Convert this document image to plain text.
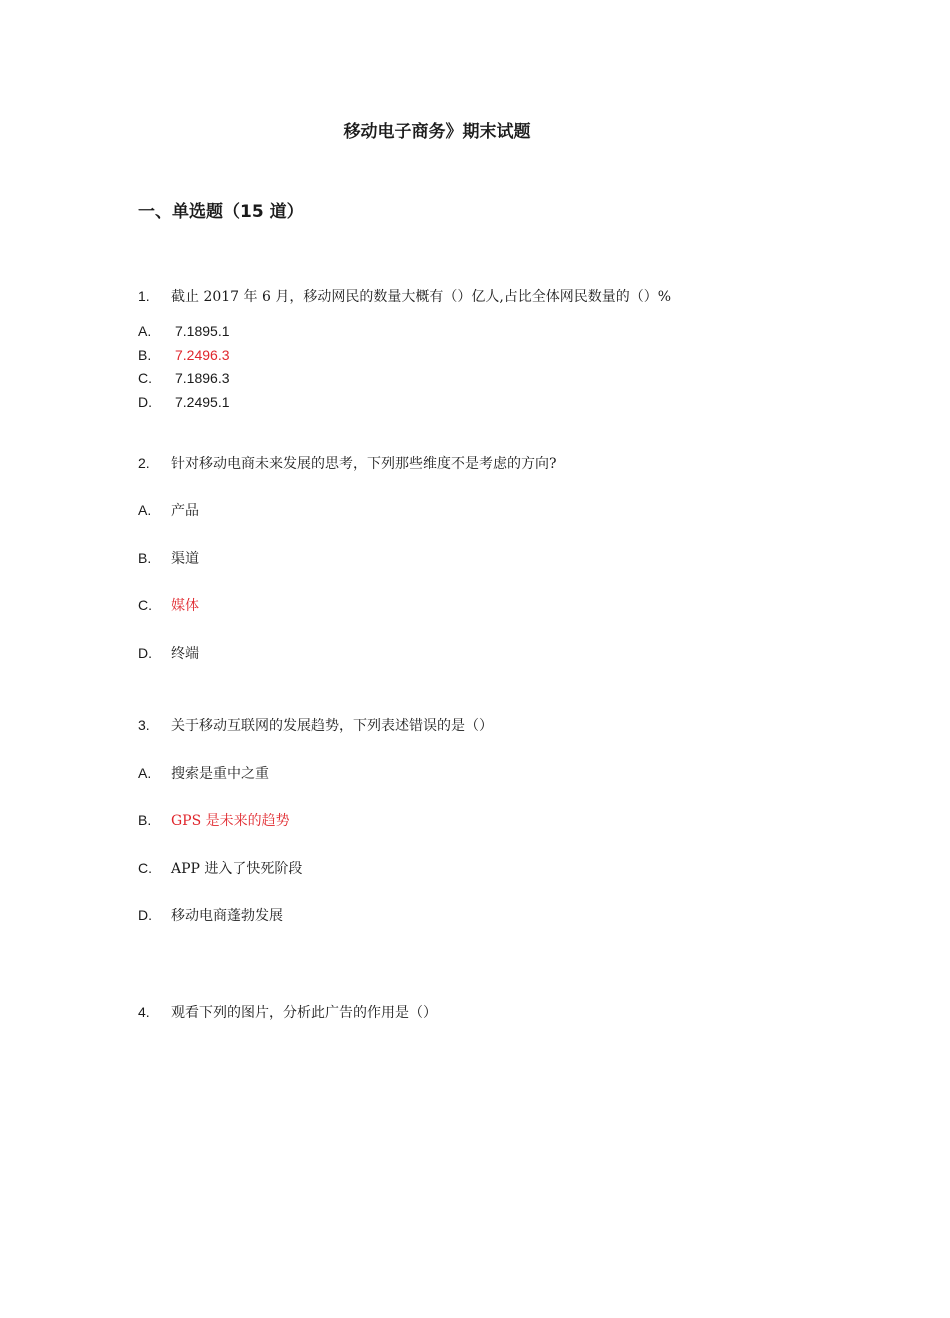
移动电子商务》期末试题
一、单选题（15 道）
1. 截止 2017 年 6 月，移动网民的数量大概有（）亿人,占比全体网民数量的（）%
A. 7.1895.1
B. 7.2496.3
C. 7.1896.3
D. 7.2495.1
2. 针对移动电商未来发展的思考，下列那些维度不是考虑的方向?
A. 产品
B. 渠道
C. 媒体
D. 终端
3. 关于移动互联网的发展趋势，下列表述错误的是（）
A. 搜索是重中之重
B. GPS 是未来的趋势
C. APP 进入了快死阶段
D. 移动电商蓬勃发展
4. 观看下列的图片，分析此广告的作用是（）
